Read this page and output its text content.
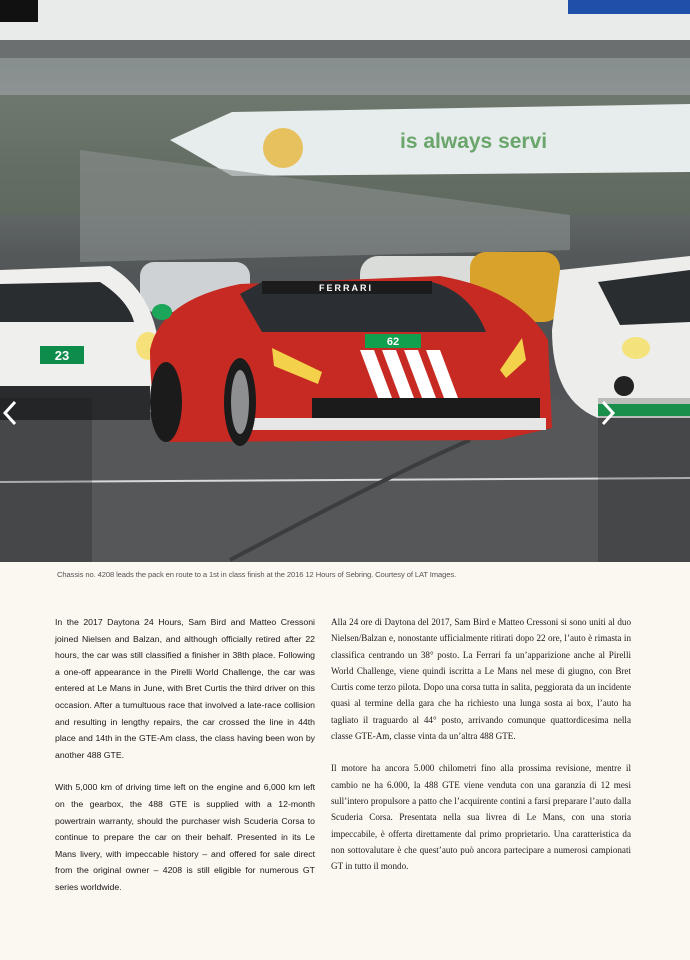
is always servi
23
FERRARI
62
Chassis no. 4208 leads the pack en route to a 1st in class finish at the 2016 12 Hours of Sebring. Courtesy of LAT Images.

In the 2017 Daytona 24 Hours, Sam Bird and Matteo Cressoni joined Nielsen and Balzan, and although officially retired after 22 hours, the car was still classified a finisher in 38th place. Following a one-off appearance in the Pirelli World Challenge, the car was entered at Le Mans in June, with Bret Curtis the third driver on this occasion. After a tumultuous race that involved a late-race collision and resulting in lengthy repairs, the car crossed the line in 44th place and 14th in the GTE-Am class, the class having been won by another 488 GTE.

With 5,000 km of driving time left on the engine and 6,000 km left on the gearbox, the 488 GTE is supplied with a 12-month powertrain warranty, should the purchaser wish Scuderia Corsa to continue to prepare the car on their behalf. Presented in its Le Mans livery, with impeccable history – and offered for sale direct from the original owner – 4208 is still eligible for numerous GT series worldwide.

Alla 24 ore di Daytona del 2017, Sam Bird e Matteo Cressoni si sono uniti al duo Nielsen/Balzan e, nonostante ufficialmente ritirati dopo 22 ore, l’auto è rimasta in classifica centrando un 38° posto. La Ferrari fa un’apparizione anche al Pirelli World Challenge, viene quindi iscritta a Le Mans nel mese di giugno, con Bret Curtis come terzo pilota. Dopo una corsa tutta in salita, peggiorata da un incidente quasi al termine della gara che ha richiesto una lunga sosta ai box, l’auto ha tagliato il traguardo al 44° posto, arrivando comunque quattordicesima nella classe GTE-Am, classe vinta da un’altra 488 GTE.

Il motore ha ancora 5.000 chilometri fino alla prossima revisione, mentre il cambio ne ha 6.000, la 488 GTE viene venduta con una garanzia di 12 mesi sull’intero propulsore a patto che l’acquirente contini a farsi preparare l’auto dalla Scuderia Corsa. Presentata nella sua livrea di Le Mans, con una storia impeccabile, è offerta direttamente dal primo proprietario. Una caratteristica da non sottovalutare è che quest’auto può ancora partecipare a numerosi campionati GT in tutto il mondo.
